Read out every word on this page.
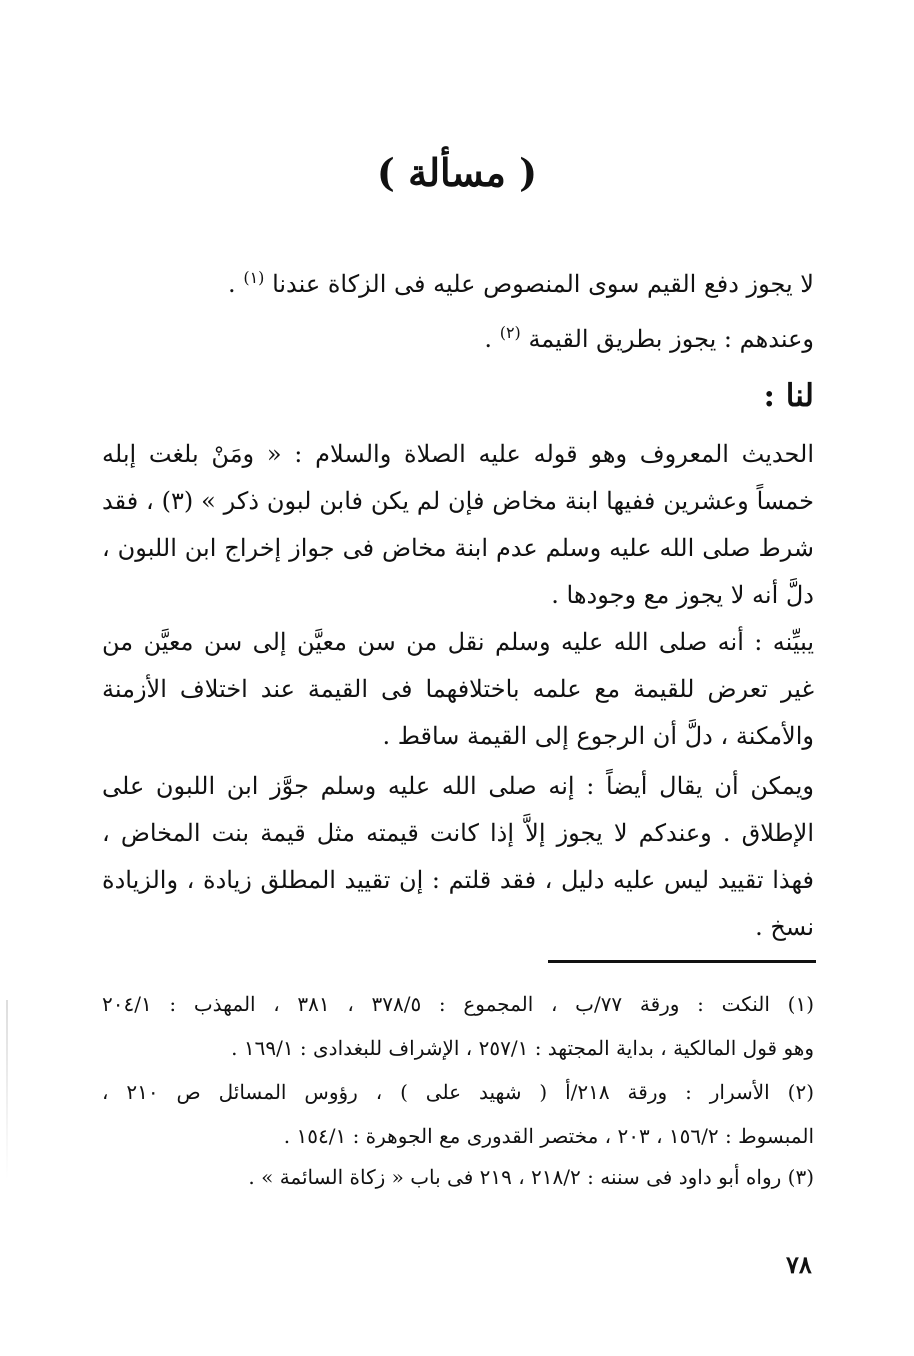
( مسألة )
لا يجوز دفع القيم سوى المنصوص عليه فى الزكاة عندنا $^{(١)}$ .
وعندهم : يجوز بطريق القيمة $^{(٢)}$ .
لنا :
الحديث المعروف وهو قوله عليه الصلاة والسلام : « ومَنْ بلغت إبله
خمساً وعشرين ففيها ابنة مخاض فإن لم يكن فابن لبون ذكر » (٣) ، فقد
شرط صلى الله عليه وسلم عدم ابنة مخاض فى جواز إخراج ابن اللبون ،
دلَّ أنه لا يجوز مع وجودها .
يبيِّنه : أنه صلى الله عليه وسلم نقل من سن معيَّن إلى سن معيَّن من
غير تعرض للقيمة مع علمه باختلافهما فى القيمة عند اختلاف الأزمنة
والأمكنة ، دلَّ أن الرجوع إلى القيمة ساقط .
ويمكن أن يقال أيضاً : إنه صلى الله عليه وسلم جوَّز ابن اللبون على
الإطلاق . وعندكم لا يجوز إلاَّ إذا كانت قيمته مثل قيمة بنت المخاض ،
فهذا تقييد ليس عليه دليل ، فقد قلتم : إن تقييد المطلق زيادة ، والزيادة
نسخ .
(١) النكت : ورقة ٧٧/ب ، المجموع : ٣٧٨/٥ ، ٣٨١ ، المهذب : ٢٠٤/١
وهو قول المالكية ، بداية المجتهد : ٢٥٧/١ ، الإشراف للبغدادى : ١٦٩/١ .
(٢) الأسرار : ورقة ٢١٨/أ ( شهيد على ) ، رؤوس المسائل ص ٢١٠ ،
المبسوط : ١٥٦/٢ ، ٢٠٣ ، مختصر القدورى مع الجوهرة : ١٥٤/١ .
(٣) رواه أبو داود فى سننه : ٢١٨/٢ ، ٢١٩ فى باب « زكاة السائمة » .
٧٨
